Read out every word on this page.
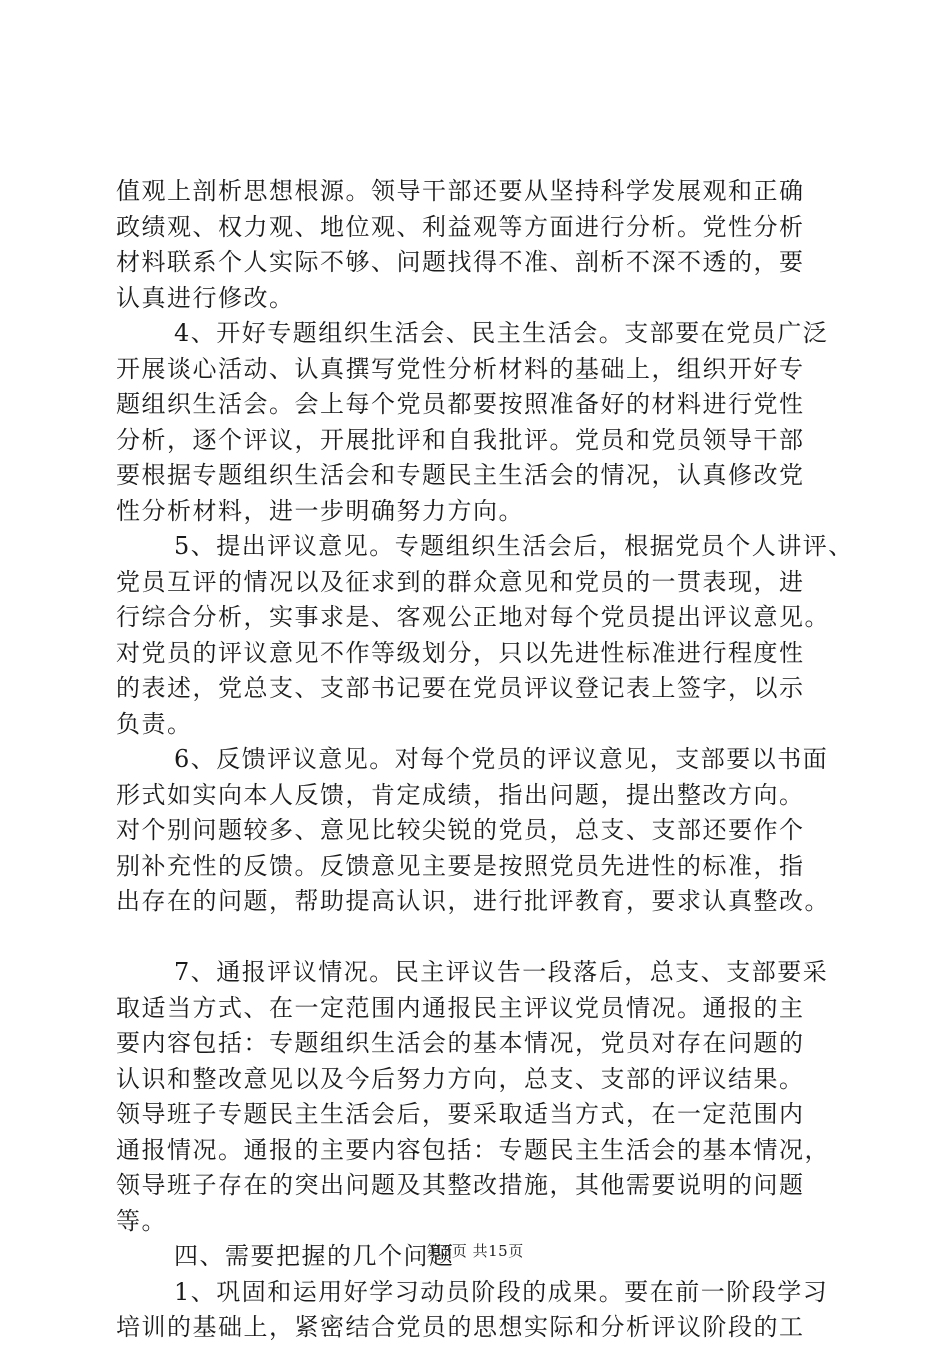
值观上剖析思想根源。领导干部还要从坚持科学发展观和正确
政绩观、权力观、地位观、利益观等方面进行分析。党性分析
材料联系个人实际不够、问题找得不准、剖析不深不透的，要
认真进行修改。
4、开好专题组织生活会、民主生活会。支部要在党员广泛
开展谈心活动、认真撰写党性分析材料的基础上，组织开好专
题组织生活会。会上每个党员都要按照准备好的材料进行党性
分析，逐个评议，开展批评和自我批评。党员和党员领导干部
要根据专题组织生活会和专题民主生活会的情况，认真修改党
性分析材料，进一步明确努力方向。
5、提出评议意见。专题组织生活会后，根据党员个人讲评、
党员互评的情况以及征求到的群众意见和党员的一贯表现，进
行综合分析，实事求是、客观公正地对每个党员提出评议意见。
对党员的评议意见不作等级划分，只以先进性标准进行程度性
的表述，党总支、支部书记要在党员评议登记表上签字，以示
负责。
6、反馈评议意见。对每个党员的评议意见，支部要以书面
形式如实向本人反馈，肯定成绩，指出问题，提出整改方向。
对个别问题较多、意见比较尖锐的党员，总支、支部还要作个
别补充性的反馈。反馈意见主要是按照党员先进性的标准，指
出存在的问题，帮助提高认识，进行批评教育，要求认真整改。
7、通报评议情况。民主评议告一段落后，总支、支部要采
取适当方式、在一定范围内通报民主评议党员情况。通报的主
要内容包括：专题组织生活会的基本情况，党员对存在问题的
认识和整改意见以及今后努力方向，总支、支部的评议结果。
领导班子专题民主生活会后，要采取适当方式，在一定范围内
通报情况。通报的主要内容包括：专题民主生活会的基本情况，
领导班子存在的突出问题及其整改措施，其他需要说明的问题
等。
四、需要把握的几个问题
1、巩固和运用好学习动员阶段的成果。要在前一阶段学习
培训的基础上，紧密结合党员的思想实际和分析评议阶段的工
第3页 共15页
